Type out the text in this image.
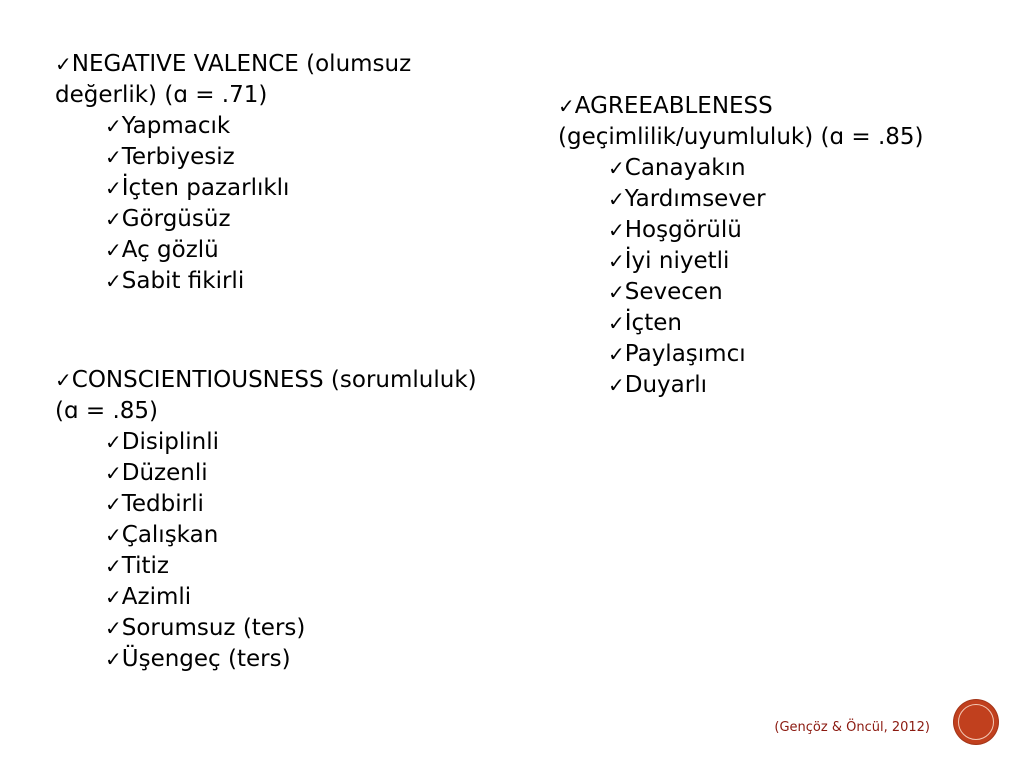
✓NEGATIVE VALENCE (olumsuz
değerlik) (ɑ = .71)
✓Yapmacık
✓Terbiyesiz
✓İçten pazarlıklı
✓Görgüsüz
✓Aç gözlü
✓Sabit fikirli
✓CONSCIENTIOUSNESS (sorumluluk)
(ɑ = .85)
✓Disiplinli
✓Düzenli
✓Tedbirli
✓Çalışkan
✓Titiz
✓Azimli
✓Sorumsuz (ters)
✓Üşengeç (ters)
✓AGREEABLENESS
(geçimlilik/uyumluluk) (ɑ = .85)
✓Canayakın
✓Yardımsever
✓Hoşgörülü
✓İyi niyetli
✓Sevecen
✓İçten
✓Paylaşımcı
✓Duyarlı
(Gençöz & Öncül, 2012)
